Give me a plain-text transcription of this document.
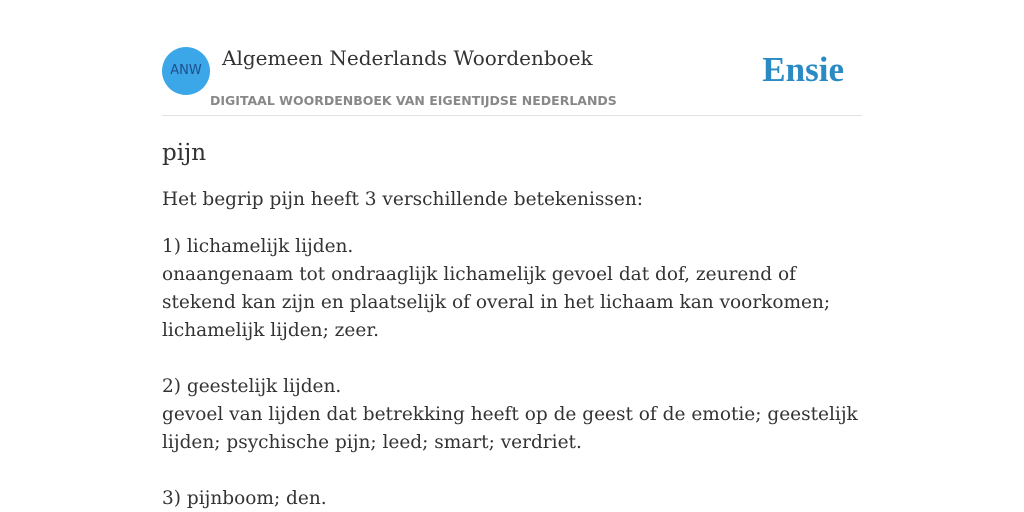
ANW
Algemeen Nederlands Woordenboek
DIGITAAL WOORDENBOEK VAN EIGENTIJDSE NEDERLANDS
Ensie
pijn

Het begrip pijn heeft 3 verschillende betekenissen:

1) lichamelijk lijden.
onaangenaam tot ondraaglijk lichamelijk gevoel dat dof, zeurend of stekend kan zijn en plaatselijk of overal in het lichaam kan voorkomen; lichamelijk lijden; zeer.
2) geestelijk lijden.
gevoel van lijden dat betrekking heeft op de geest of de emotie; geestelijk lijden; psychische pijn; leed; smart; verdriet.
3) pijnboom; den.
